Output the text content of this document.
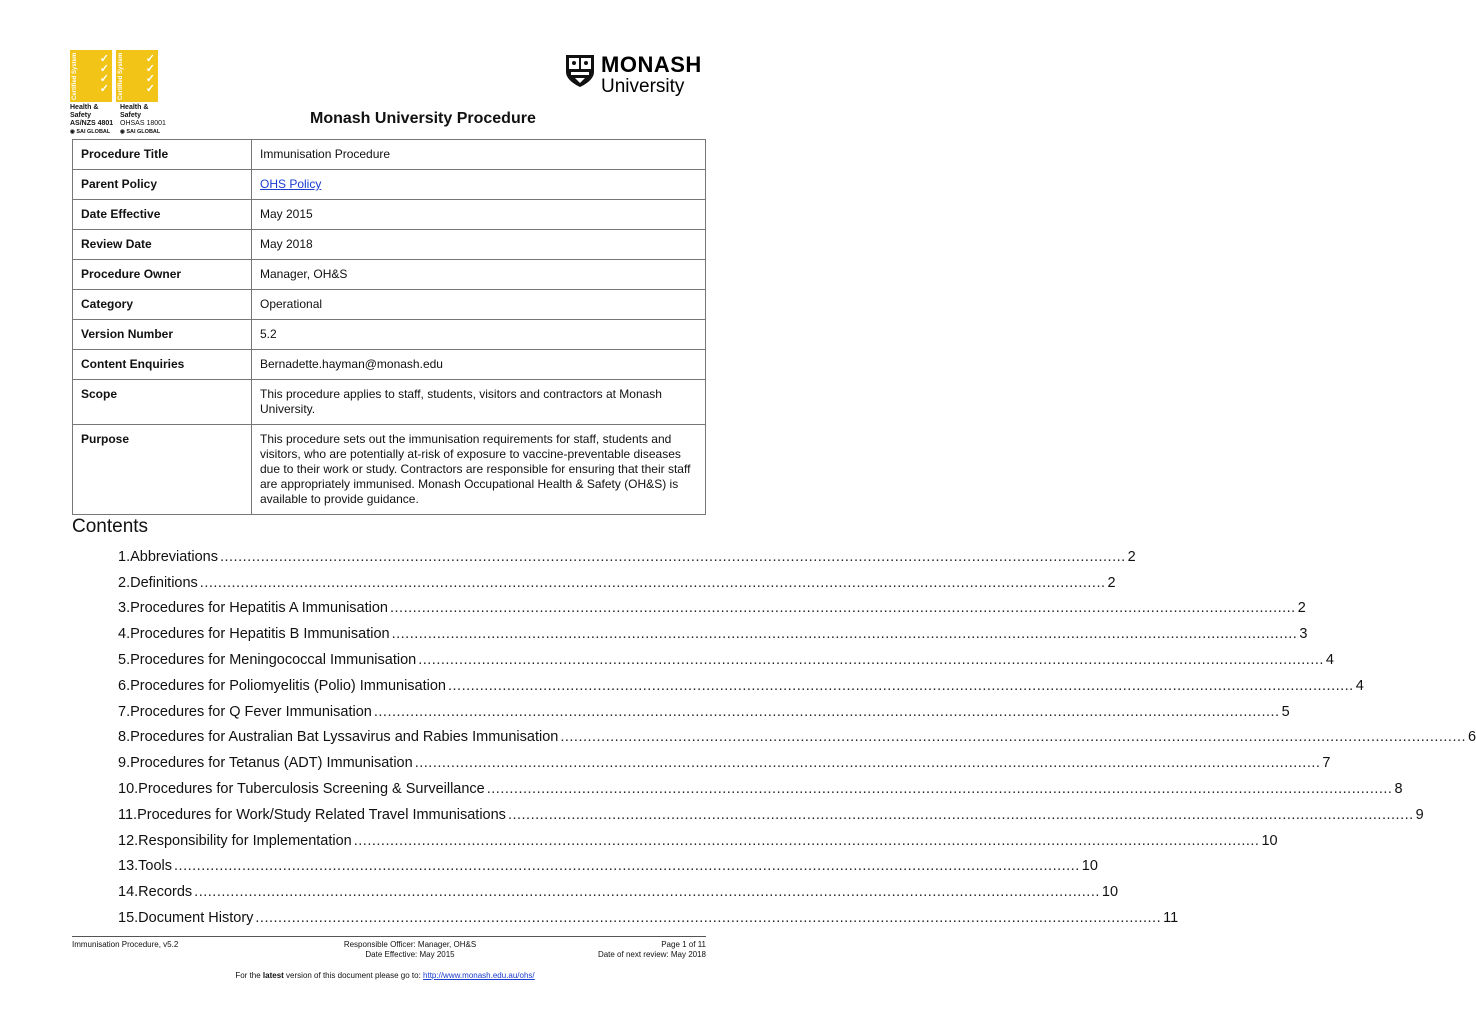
Certified System ✓
✓
✓
✓ Certified System ✓
✓
✓
✓
Health & Safety
AS/NZS 4801
◉ SAI GLOBAL
Health & Safety
OHSAS 18001
◉ SAI GLOBAL
MONASH
University
Monash University Procedure
Procedure Title	Immunisation Procedure
Parent Policy	OHS Policy
Date Effective	May 2015
Review Date	May 2018
Procedure Owner	Manager, OH&S
Category	Operational
Version Number	5.2
Content Enquiries	Bernadette.hayman@monash.edu
Scope	This procedure applies to staff, students, visitors and contractors at Monash University.
Purpose	This procedure sets out the immunisation requirements for staff, students and visitors, who are potentially at-risk of exposure to vaccine-preventable diseases due to their work or study. Contractors are responsible for ensuring that their staff are appropriately immunised. Monash Occupational Health & Safety (OH&S) is available to provide guidance.
Contents
1. Abbreviations ........................................................................................................................................................................................................ 2
2. Definitions ........................................................................................................................................................................................................ 2
3. Procedures for Hepatitis A Immunisation ........................................................................................................................................................................................................ 2
4. Procedures for Hepatitis B Immunisation ........................................................................................................................................................................................................ 3
5. Procedures for Meningococcal Immunisation ........................................................................................................................................................................................................ 4
6. Procedures for Poliomyelitis (Polio) Immunisation ........................................................................................................................................................................................................ 4
7. Procedures for Q Fever Immunisation ........................................................................................................................................................................................................ 5
8. Procedures for Australian Bat Lyssavirus and Rabies Immunisation ........................................................................................................................................................................................................ 6
9. Procedures for Tetanus (ADT) Immunisation ........................................................................................................................................................................................................ 7
10. Procedures for Tuberculosis Screening & Surveillance ........................................................................................................................................................................................................ 8
11. Procedures for Work/Study Related Travel Immunisations ........................................................................................................................................................................................................ 9
12. Responsibility for Implementation ........................................................................................................................................................................................................ 10
13. Tools ........................................................................................................................................................................................................ 10
14. Records ........................................................................................................................................................................................................ 10
15. Document History ........................................................................................................................................................................................................ 11
Immunisation Procedure, v5.2	Responsible Officer: Manager, OH&S
Date Effective: May 2015
Page 1 of 11
Date of next review: May 2018
For the latest version of this document please go to: http://www.monash.edu.au/ohs/
